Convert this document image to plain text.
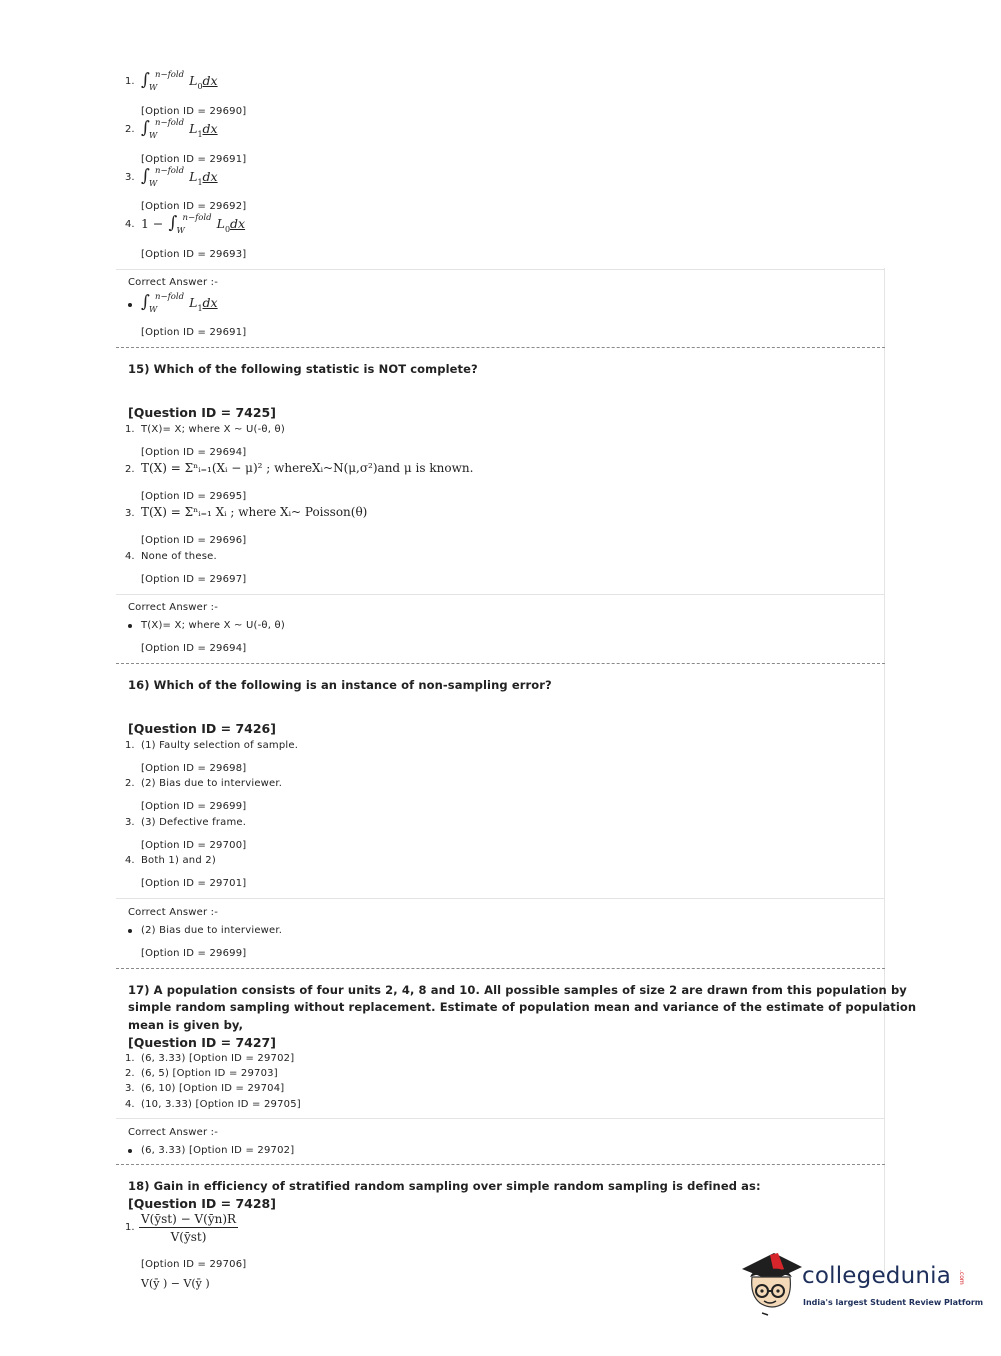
1. ∫ W
$^{n-fold}$ $L_0dx$
[Option ID = 29690]
2. ∫ W
$^{n-fold}$ $L_1dx$
[Option ID = 29691]
3. ∫ W
$^{n-fold}$ $L_1dx$
[Option ID = 29692]
4. 1 − ∫ W
$^{n-fold}$ $L_0dx$
[Option ID = 29693]
Correct Answer :-
∫ W
$^{n-fold}$ $L_1dx$
[Option ID = 29691]
15) Which of the following statistic is NOT complete?
[Question ID = 7425]
1. T(X)= X; where X ~ U(-θ, θ)
[Option ID = 29694]
2. T(X) = Σⁿᵢ₌₁(Xᵢ − μ)² ; whereXᵢ~N(μ,σ²)and μ is known.
[Option ID = 29695]
3. T(X) = Σⁿᵢ₌₁ Xᵢ ; where Xᵢ~ Poisson(θ)
[Option ID = 29696]
4. None of these.
[Option ID = 29697]
Correct Answer :-
T(X)= X; where X ~ U(-θ, θ)
[Option ID = 29694]
16) Which of the following is an instance of non-sampling error?
[Question ID = 7426]
1. (1) Faulty selection of sample.
[Option ID = 29698]
2. (2) Bias due to interviewer.
[Option ID = 29699]
3. (3) Defective frame.
[Option ID = 29700]
4. Both 1) and 2)
[Option ID = 29701]
Correct Answer :-
(2) Bias due to interviewer.
[Option ID = 29699]
17) A population consists of four units 2, 4, 8 and 10. All possible samples of size 2 are drawn from this population by
simple random sampling without replacement. Estimate of population mean and variance of the estimate of population
mean is given by,
[Question ID = 7427]
1. (6, 3.33) [Option ID = 29702]
2. (6, 5) [Option ID = 29703]
3. (6, 10) [Option ID = 29704]
4. (10, 3.33) [Option ID = 29705]
Correct Answer :-
(6, 3.33) [Option ID = 29702]
18) Gain in efficiency of stratified random sampling over simple random sampling is defined as:
[Question ID = 7428]
1. $\frac{\text{V(ȳst) − V(ȳn)R}}{\text{V(ȳst)}}$
[Option ID = 29706]
V(ȳ ) − V(ȳ )	collegedunia .com
India's largest Student Review Platform
